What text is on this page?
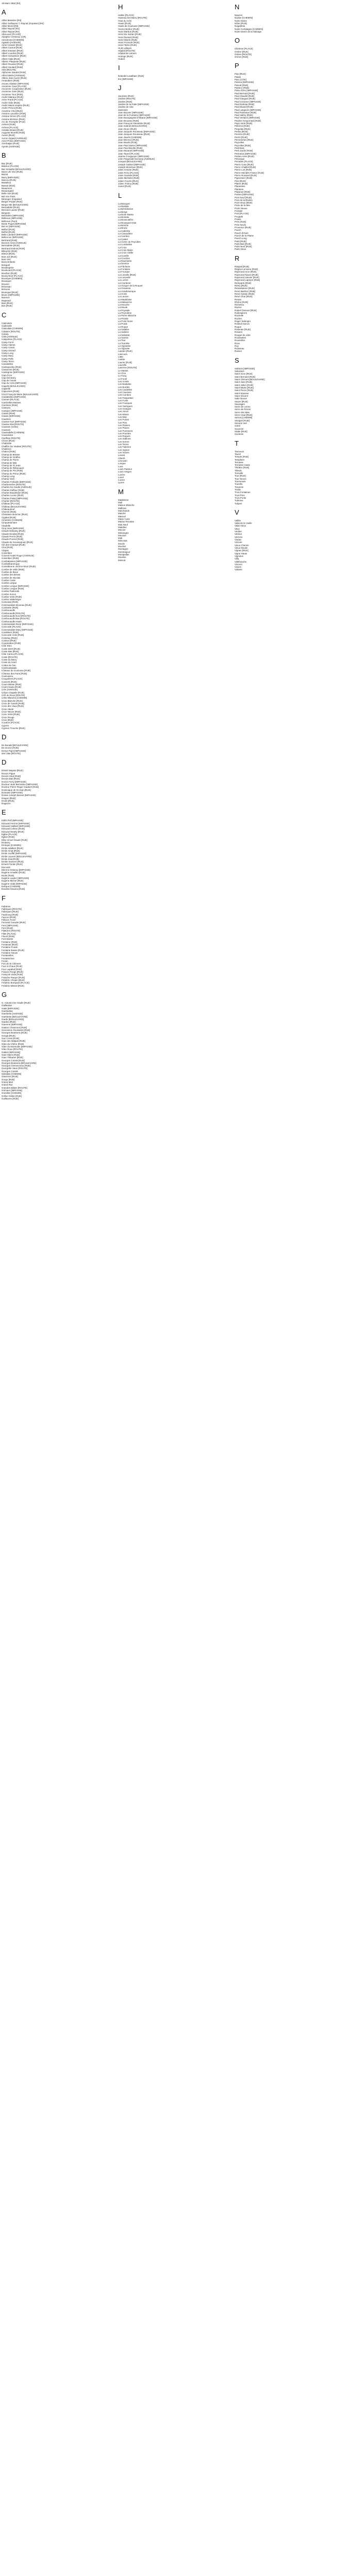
19 Mars 1962 [R4]
A
Abbé Bessière [R4]
Abbé Guillaume T. Raynal (Impasse) [R4]
Abbé Moret [R6]
Abbé Raynal [R4]
Abbé Raynal [R4]
Abreuvoir [PLACE]
Adolphe Crémieux (GR)
Aérodrome [CHEMIN]
Agassiz [AVENUE]
Aimé Césaire [RUE]
Albert Camus [RUE]
Albert Einstein [RUE]
Albert Londres [RUE]
Albert Schweitzer [RUE]
Albert Viala [RUE]
Albéric Plaquette [RUE]
Albert Roussel [RUE]
Albert Soulard [RUE]
Alès [ROUTE]
Alphonse Daudet [RUE]
Alfred Merle [AVENUE]
Allées Jean Aurès [RUE]
Amandiers [RUE]
Ancien Abattoir [IMPASSE]
Ancienne Cave [PLACE]
Ancienne Coopérative [RUE]
Ancienne Gare [RUE]
Ancienne Tour [RUE]
André Malraux [RUE]
Anne Frank [PLACE]
André Gide [RUE]
André Marie Ampère [RUE]
André Prévot [RUE]
Anselme Chol [RUE]
Antoine Lavoisier [RUE]
Antoine Simon [PLACE]
Antoine Bresson [RUE]
Arc de Triomphe (Pont)
Arènes [RUE]
Arènes [PLACE]
Aristide Briand [RUE]
Auguste Morelle [RUE]
Aunes [RUE]
Auzon Gigard [AVENUE]
Avez-Prisso [IMPASSE]
Azerbaijan [RUE]
Aymès [AVENUE]
B
Bac [RUE]
Balaruc [PLACE]
Bar Séraphin [BOULEVARD]
Baron de Vive [RUE]
Barrat
Barry [IMPASSE]
Bascou [RUE]
Bastelica
Bassin [RUE]
Beaumont
Beauregard
Belle Vue [RUE]
Bel Aire Paris
Béranger (Impasse)
Berger Pradel [RUE]
Berger Mir [BOULEVARD]
Bernadette [RUE]
Bernard Laurier [RUE]
Bergerie
Belvédère [IMPASSE]
Bellevue [IMPASSE]
Bellevue (Pont)
Beste Puget [IMPASSE]
Bel Air [IMPASSE]
Belfort [RUE]
Belfort [RUE]
Belle Lambert [IMPASSE]
Bellecroix [IMPASSE]
Bertrand [RUE]
Bonnes Aires [AVENUE]
Bernadette [RUE]
Bertrand Dubois [RUE]
Bibeyrès [RUE]
Bistrot [RUE]
Bois Joli [RUE]
Bois Vert
Bons Enfants
Bosquet
Boulangerie
Boulevard [PLACE]
Bourbon [RUE]
Bourg Neuf [PLACE]
Bousquet [CHEMIN]
Bousquet
Bouvier
Bréussan
Brévens
Bruniquel [RUE]
Brune [IMPASSE]
Buisson
Bugeaud
Buis [RUE]
Bus [RUE]
C
Cabriolets
Cadenelle
Calendale [CHEMIN]
Calvaire [ROUTE]
Calvas
Calix [AVENUE]
Calquières [PLACE]
Camp Ferré
Camp Alamet
Camp Canat
Camp Gérard
Camp Long
Camp Mury
Camp Pelle
Camp Tercic
Canadelles
Canteperdrix [RUE]
Cantarone [RUE]
Cantegrive [IMPASSE]
Cap d'Aze
Cap Del Barry
Cap de Cause
Cap du Crès [IMPASSE]
Capelle [BOULEVARD]
Capitelle
Capucines [RUE]
Cécil François Marie [BOULEVARD]
Cardabelles [IMPASSE]
Carmes [PLACE]
Carrérelles Basses
Carrières [RUE]
Carteyra
Cartayre [IMPASSE]
Cassis [RUE]
Cassis [IMPASSE]
Caudens
Causse Noir [IMPASSE]
Causse Bas [ROUTE]
Causses (Crête)
Causses
Caussidelle [CHEMIN]
Caussèdes
Cazilhac [ROUTE]
Cèzes [RUE]
Chabrette
Chaffes De Vauban [ROUTE]
Chalières
Chalon [RUE]
Champ de Brasse
Champ de Graffes
Champ de Pierre
Champ de Mat
Champ de St Jean
Champ de Rébecquet
Champ de Pin [RUE]
Champ du Prieur [RUE]
Champ Long
Champ Varin
Charles Frébiolle [IMPASSE]
Charbonnière [ROUTE]
Charles De Gaulle [AVENUE]
Charles Duffour [RUE]
Charles Baudelaire [RUE]
Charles Lucien [RUE]
Charles Pasta [IMPASSE]
Charlier [ROUTE]
Château [PLACE]
Château [BOULEVARD]
Châteauneuf
Chemin [RUE]
Christiane Bourzac [RUE]
Cigales [RUE]
Cimetière [CHEMIN]
Cinquantenaire
Citadelle
Cinq Aires [IMPASSE]
Claude Debussy [RUE]
Claude Nicolas [RUE]
Claude Perrin [RUE]
Claude Ponsot [RUE]
Claude de Goussegouin [RUE]
Clé des Champs [RUE]
Clos [RUE]
Clapas
Colombier
Colonel André Roger [AVENUE]
Colombier [RUE]
Combalasses [IMPASSE]
Combelbareinque
Comédienne Jérôme Moré (RUE)
Combe de Valin [RUE]
Combe de Boue
Combe des Brises
Combe de Nicolas
Combe Custe
Combe Largue
Combe Longue [IMPASSE]
Combe Longue [RUE]
Combe Pastorale
Combe Suzon
Combe Verte [RUE]
Combe Valdenègre
Comeiras [RUE]
Commandant Bruneau [RUE]
Combette [RUE]
Combouaulls
Combouaulls [ROUTE]
Combouaulls Nord [ROUTE]
Combouaulls Bas [ROUTE]
Combouaulls Hauts
Commandant René [IMPASSE]
Concorde [PLACE]
Commandant Mary [IMPASSE]
Cordeliers [RUE]
Concorde Voile [RUE]
Conteluy [RUE]
Contrus [RUE]
Coopérative [RUE]
Côte Dieu
Coste Bizet [RUE]
Coste Bas [RUE]
Côte Cartou [PLACE]
Coste [ROUTE]
Coste du Barry
Coste du Gard
Cottes de Fan
Cambcabalade
Côteaux de Goulouse [RUE]
Côteaux des Fans [RUE]
Coulouvieu
Cougolines [PLACE]
Couvent [RUE]
Cours Basse [RUE]
Cours Haute [RUE]
Crès [AVENUE]
Crêpe Chapelle [RUE]
Crêt du Roux [ROUTE]
Crête Blanche [CHEMIN]
Croix Blanche [RUE]
Croix de Cassis [RUE]
Croix des Vaux [RUE]
Croix Haute
Croix Neuve [RUE]
Croix Verte [RUE]
Croix Rouge
Croix [RUE]
Cocalon [PLACE]
Cyprès
Cyprien Trouche [RUE]
D
De Bonald [BOULEVARD]
De Gozon [RUE]
Denys Pujet [IMPASSE]
des Lilas [ROUTE]
D
Désiré Mejaire [RUE]
Devois Pigue
Devois Haut [RUE]
Devois Bas [RUE]
Doctor Ferry [IMPASSE]
Docteur Jean Bernadou [IMPASSE]
Docteur Pierre Roger Gaubert [RUE]
Dominique de St Jean [RUE]
Domaine [IMPASSE]
Dorian Joseph Bessot [IMPASSE]
Dragon [RUE]
Droits [RUE]
Dugazon
E
Edith Piaf [IMPASSE]
Edouard Herriot [IMPASSE]
Edouard Vaillant [IMPASSE]
Edouard Lebrun [RUE]
Edouard Branly [RUE]
Eglise [PLACE]
Eglise [RUE]
Elise Grivel Gaude [RUE]
Embarry
Emèque [CHEMIN]
Emile Adalbert [RUE]
Emile Amat [RUE]
Emile Joufflé [IMPASSE]
Emile Laurent [BOULEVARD]
Emile Zola [RUE]
Emilie Sainvert [RUE]
Ernest Florian [RUE]
Escoutin
Etienne Delanoy [IMPASSE]
Eugène Amadéo [RUE]
Etoile [RUE]
Eugène Lautier [IMPASSE]
Eugène Michel [RUE]
Eugène Vidal [IMPASSE]
Evêque [CHEMIN]
Évariste Mouton [RUE]
F
Fabières
Fabriques [ROUTE]
Fabriques [RUE]
Faubourg [RUE]
Faucon [RUE]
Félicien Fevre
Fernand Caradet [RUE]
Fers [IMPASSE]
Fers [RUE]
Filatures [ROUTE]
Fillet [PLACE]
Fleurs [RUE]
Font Basse
Fontaine [RUE]
Fontanas [RUE]
Fontaine Froide
Fontaine Basse [RUE]
Fontaine Neuve
Fontanelles
Fontarèches
Forain
Fort de St Clément
Four à Chaux [RUE]
Four Lapalud [RUE]
Francis Ponge [RUE]
François Viala [RUE]
Franche Parque [RUE]
Frédéric Chopin [RUE]
Frédéric Bompard [PLACE]
Frédéric Mistral [RUE]
G
G. Antonini De Gaulle [RUE]
Gaillardas
Galet [IMPASSE]
Gambettas
Gambetta [AVENUE]
Gambetta [BOULEVARD]
Garde [BOULEVARD]
Gardes [RUE]
Garenne [IMPASSE]
Gaston Chaumont [RUE]
Genevieve Rousselet [RUE]
Georges Brassens [RUE]
Gergat [RUE]
Gaz Cross [RUE]
Gavi des Malpas [RUE]
Gâre du Chêne [RUE]
Gâre du Montcalm [IMPASSE]
Gâre Roux [ROUTE]
Galant [IMPASSE]
Gare Marin [RUE]
Gare Thibaner [RUE]
Georges Cazals [RUE]
Georges Brassens [BOULEVARD]
Georges Clemenceau [RUE]
Georgette Saux [ROUTE]
Georges Cazals
Gibraltar [CHEMIN]
Glacières [RUE]
Gorge [RUE]
Grand Mail
Grand Rue
Grandes Bâties [ROUTE]
Gréniers [IMPASSE]
Gresilles [CHEMIN]
Grillon Gibbe [RUE]
Guillaume [RUE]
H
Halles [PLACE]
Hameau Del Barry [ROUTE]
Haut du Crès
Haute [RUE]
Hauts de Goulouse [IMPASSE]
Hector Berlioz [RUE]
Henri Barbus [RUE]
Henri De Nohan [RUE]
Henri Dunant [RUE]
Henri Martin [RUE]
Henri Fromont [RUE]
Henri Tarrie [RUE]
HLM Lafayes
Hôpital [ROUTE]
Hôpital de Laniers
Horloge [RUE]
Hubert
I
Ilelandel Lavalbaer [RUE]
Ilre [IMPASSE]
J
Jacobins [RUE]
Jardins [ROUTE]
Jardins [RUE]
Jardins de la Patte [IMPASSE]
Jardins de Ulot
Jasminés
Jean Bouvier [IMPASSE]
Jean de la Fontaine [IMPASSE]
Jean Bourguignat d'Albane [IMPASSE]
Jean Brousse [RUE]
Jean François Alexandre [RUE]
Jean Gabriel [BOULEVARD]
Jean Giono [RUE]
Jean Jacques Rousseau [IMPASSE]
Jean Jacques Rousseau [RUE]
Jean Jaurès [CHEMIN]
Jean Mermoz [RUE]
Jean Moulin [RUE]
Jean Paul Sartre [IMPASSE]
Jean Paul Brieille [RUE]
Jean Ravanel [IMPASSE]
Jean Taurel [PLACE]
Jeanne Fougueyer [IMPASSE]
John Fitzgerald Kennedy [AVENUE]
Jonquet [BOULEVARD]
Joseph Gabriel [IMPASSE]
Joseph Monclave [RUE]
Jules Antoine [RUE]
Jules Ferry [PLACE]
Jules Guesde [RUE]
Jules Michelet [RUE]
Julien Fourès [RUE]
Julien Triolou [RUE]
Jumel [RUE]
L
La Banquet
La Bastide
La Bénédiction
La Berge
La Borie Basse
La Boriette
La Bouscatière
La Bousquet Haut
La Brèche
La Brune
La Cabrette
La Canardière
La Carrière
La Castel
La Cintre de Peyrolles
La Combelles
La Croix
La Croix Marie
La Croix Vieille
La Cuvelle
La Cruzière
La Daumaine
La Devèze
La Fâcherie
La Fontaine
La Fourque
La Lionelle [RUE]
La Lionnelle
La Lozère
La Carrièraz
La Gorgue de la Roquet
La Graveras
La Graufesenque
La Horte
La Laucen
La Madelaine
La Malaverne
La Mouche
La Moule
La Peyrade
La Peyrolène
La Pierre Blanche
La Pinède
La Porte Noire
La Prade
La Roque
La Salabre
La Sallerie
La Salvetat
La Sannie
La Tour
La Tourette
La Vignasse
La Vignette
Landes [RUE]
Lascours
Latte
Laubie
Laurier [RUE]
Lauzelle
Lavenne [ROUTE]
Le Marais
Le Clos
Le Fesq
Le Fonel
Les Anrals
Les Bastides
Les Bordes
Les Cardelles
Les Causses
Les Combes
Les Farguettes
Les Fonts
Les Fourques
Les Garrigues
Les Granges
Les Joncs
Les Mares
Les Mas
Les Portes
Les Pins
Les Plaines
Les Places
Les Pommiers
Les Priorités
Les Roques
Les Sablons
Les Serres
Les Terres
Les Tuileries
Les Vignes
Les Viviers
Levant
Liberté
Limousin
Longue
Lons
Louis Pasteur
Louis Aragon
Lozère
Lunel
Lucien
Lyons
M
Madeleine
Mail
Maison Blanche
Malbosc
Marchands
Marché
Mareuil
Marie Curie
Marius Roustan
Mas Neuf
Matelles
Mercier
Mésanges
Meunier
Midi
Mimosas
Moulin
Moulins
Montagne
Montmajour
Montpellier
Mouline
Muscat
N
Nauzes
Noisier [CHEMIN]
Notre Dame
Nôtre [RUE]
Nogaléras
Notre Compagne [CHEMIN]
Notre Dame de la Salvage
O
Olivières [PLACE]
Ombre [RUE]
Ordres [ROUTE]
Ormes [RUE]
P
Paix [RUE]
Palais
Parc [CITE]
Pareira [IMPASSE]
Pascal [RUE]
Pasteur [RUE]
Patio d'Ore [IMPASSE]
Paul Bernard [RUE]
Paul Claudel [RUE]
Paul Gauguin [RUE]
Paul Cézanne [IMPASSE]
Paul Delmas [RUE]
Paul Eluard [RUE]
Paul Langevin [IMPASSE]
Paul Rameaux [RUE]
Paul Valéry [RUE]
Paul Verlaine [IMPASSE]
Pauline Kergomard [RUE]
Pays Verts [RUE]
Pélerins [RUE]
Pergolas [RUE]
Perles [RUE]
Perrière [RUE]
Perrin [RUE]
Pervenches [RUE]
Peyrolles
Peyrolles [RUE]
Petit Bois
Petit Jardin [RUE]
Petit Bois [IMPASSE]
Petites Aires [RUE]
Pétrarque
Pezades [PLACE]
Pierre Curie [RUE]
Pierre Chaillot [RUE]
Pierre Loti [RUE]
Pierre Mendès France [RUE]
Pierre Ronsard [RUE]
Pigeonnier [RUE]
Pins [RUE]
Plaine [RUE]
Planasses
Plantiers
Platanes [RUE]
Poètes [IMPASSE]
Pont Neuf [RUE]
Pont de la Rivière
Pont Vieux [RUE]
Porte de la Mer
Porte Neuve
Portalet
Post [PLACE]
Poujade
Prairie
Prés [RUE]
Prés Neufs
Provence [RUE]
Puech
Puech d'Ours
Puech de la Plaine
Puech Long
Puits [RUE]
Puits Bas [RUE]
Puits Neuf [RUE]
Puits Vieux
R
Raspail [RUE]
Régine Lemoine [RUE]
Raymond Aron [RUE]
Raymond Naves [RUE]
Raymond Janvier [RUE]
Raymond Lapeyre [RUE]
Remparts [RUE]
Rémy [RUE]
Renaissance [RUE]
René Barthez [RUE]
René Cassin [RUE]
René Char [RUE]
Renan
Rhône [RUE]
Richelieu
Rivière
Robert Desnos [RUE]
Robespierre
Rochelle
Rocher
Roger Salengro
Roland Garros
Roque
Roseraie [RUE]
Rosiers
Rouget de Lisle
Roussettes
Roussillon
Roux
Roy
Ruisseau
Ruines
S
Sablons [IMPASSE]
Sabotiers
Saint Anne [RUE]
Saint Bernard [RUE]
Saint Clément [BOULEVARD]
Saint Jean [RUE]
Saint Julien [RUE]
Saint Martin [RUE]
Saint Pierre [RUE]
Saint Sauveur
Saint Vincent
Salle Neuve
Sauve [RUE]
Sauvages
Serre de Lerme
Serre de Perrier
Serre des Mas
Serre Haut [RUE]
Serres [CHEMIN]
Sévigné [RUE]
Simone Veil
Soleil
Souvenir
Stade [RUE]
Suzanne
T
Tanneurs
Taurel
Temple [RUE]
Templiers
Terrasse
Terrasse Haute
Théâtre [RUE]
Tilleuls
Tonnelle
Tour [RUE]
Tour Neuve
Tournesols
Tourelle
Traverse
Treille
Trois Fontaines
Trois Pins
Trois Ponts
Tuileries
Tulipes
V
Vallée
Valat de la Vieille
Valat Vieux
Vaux
Verdier
Verdun
Verrerie
Viaduc
Victoire
Vieux Chemin
Vieux Moulin
Vignes [RUE]
Vigne Haute
Vignoles
Villa
Villefranche
Vincent
Viviers
Voltaire
